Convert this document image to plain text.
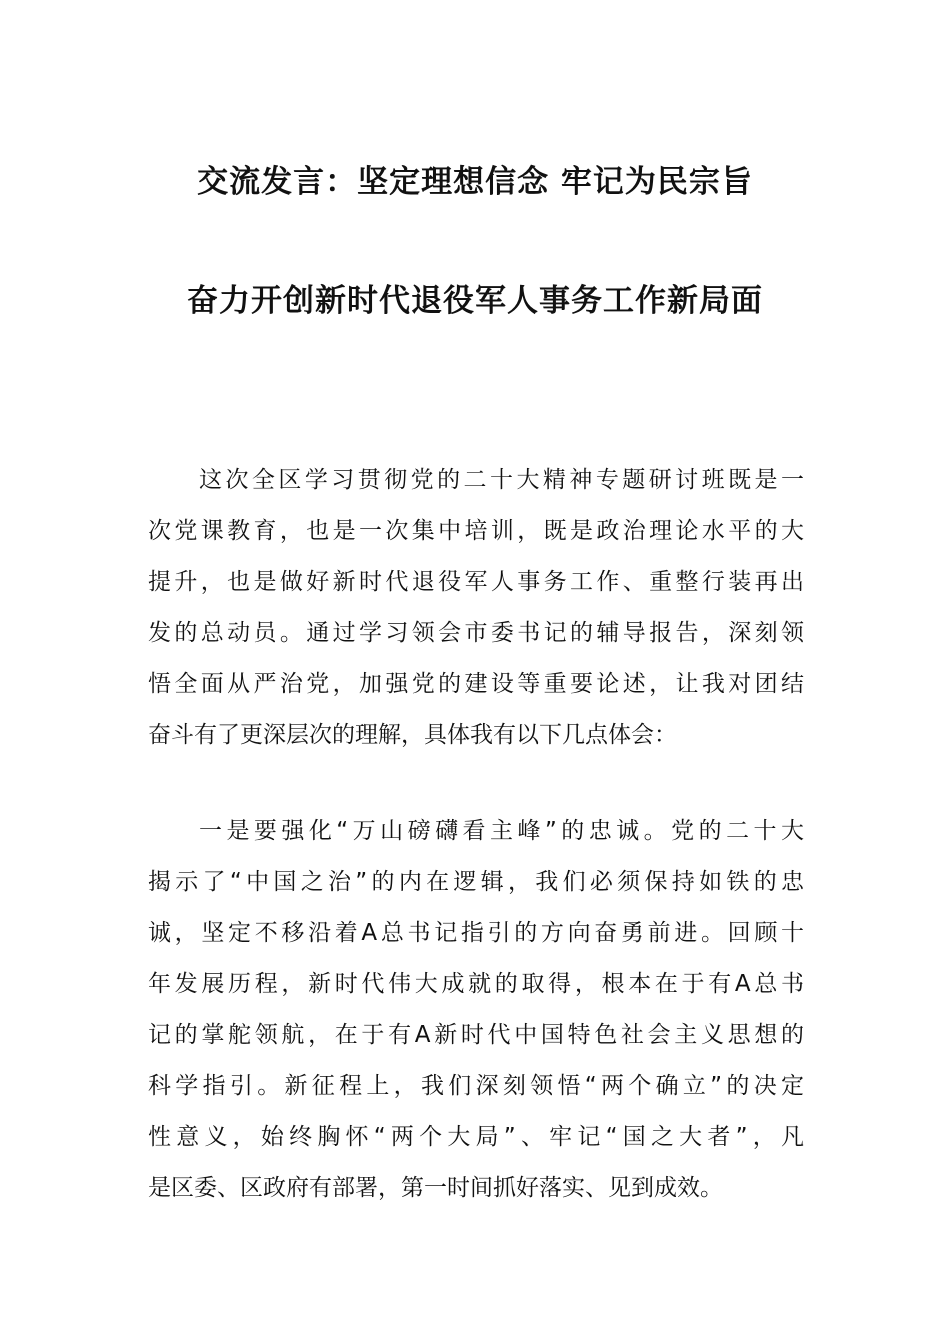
交流发言：坚定理想信念 牢记为民宗旨
奋力开创新时代退役军人事务工作新局面
这次全区学习贯彻党的二十大精神专题研讨班既是一
次党课教育，也是一次集中培训，既是政治理论水平的大
提升，也是做好新时代退役军人事务工作、重整行装再出
发的总动员。通过学习领会市委书记的辅导报告，深刻领
悟全面从严治党，加强党的建设等重要论述，让我对团结
奋斗有了更深层次的理解，具体我有以下几点体会：
一是要强化“万山磅礴看主峰”的忠诚。党的二十大
揭示了“中国之治”的内在逻辑，我们必须保持如铁的忠
诚，坚定不移沿着A总书记指引的方向奋勇前进。回顾十
年发展历程，新时代伟大成就的取得，根本在于有A总书
记的掌舵领航，在于有A新时代中国特色社会主义思想的
科学指引。新征程上，我们深刻领悟“两个确立”的决定
性意义，始终胸怀“两个大局”、牢记“国之大者”，凡
是区委、区政府有部署，第一时间抓好落实、见到成效。
